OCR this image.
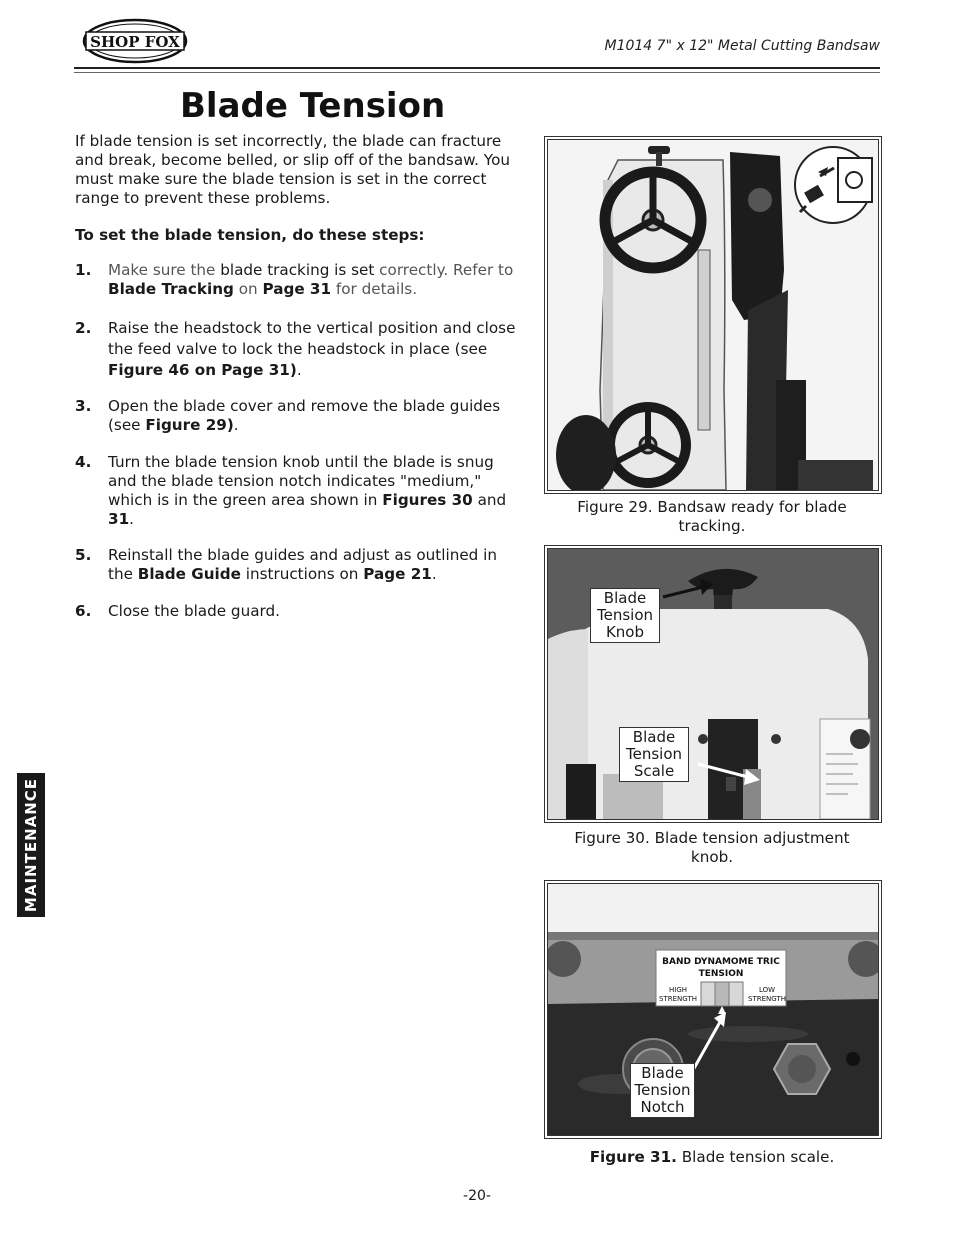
SHOP FOX	M1014 7" x 12" Metal Cutting Bandsaw
Blade Tension

If blade tension is set incorrectly, the blade can fracture and break, become belled, or slip off of the bandsaw. You must make sure the blade tension is set in the correct range to prevent these problems.

To set the blade tension, do these steps:

1. Make sure the blade tracking is set correctly. Refer to Blade Tracking on Page 31 for details.
2. Raise the headstock to the vertical position and close the feed valve to lock the headstock in place (see Figure 46 on Page 31).
3. Open the blade cover and remove the blade guides (see Figure 29).
4. Turn the blade tension knob until the blade is snug and the blade tension notch indicates "medium," which is in the green area shown in Figures 30 and 31.
5. Reinstall the blade guides and adjust as outlined in the Blade Guide instructions on Page 21.
6. Close the blade guard.

Figure 29. Bandsaw ready for blade tracking.

Blade
Tension
Knob
Blade
Tension
Scale

Figure 30. Blade tension adjustment knob.

BAND DYNAMOME TRIC
TENSION
HIGH
STRENGTH
LOW
STRENGTH
Blade
Tension
Notch

Figure 31. Blade tension scale.

MAINTENANCE
-20-
